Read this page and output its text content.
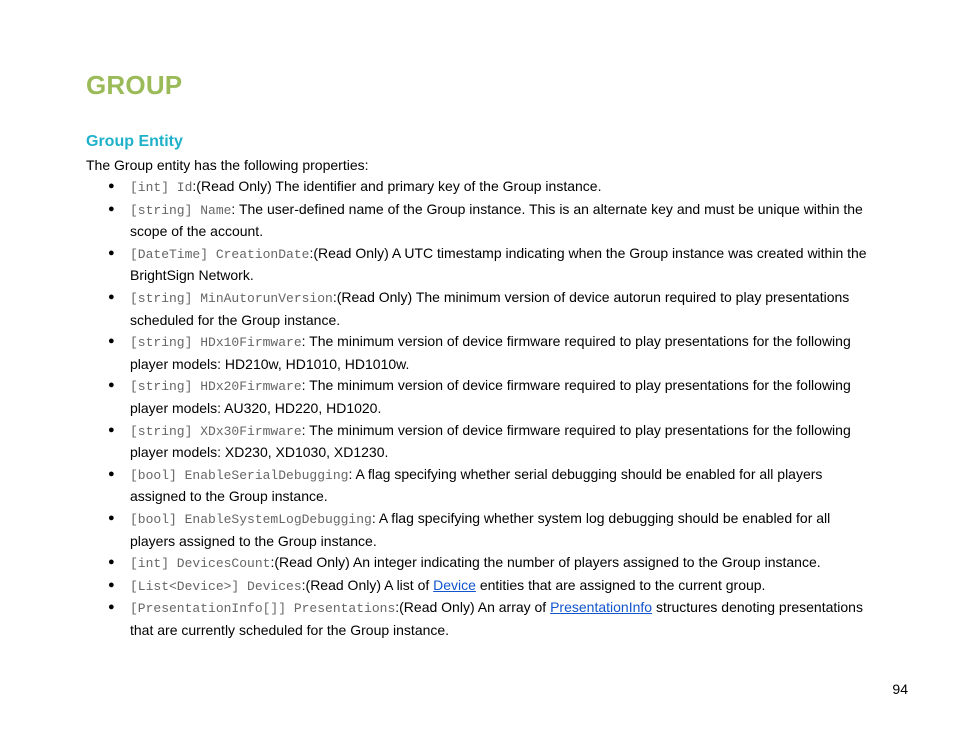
GROUP
Group Entity

The Group entity has the following properties:

● [int] Id:(Read Only) The identifier and primary key of the Group instance.
● [string] Name: The user-defined name of the Group instance. This is an alternate key and must be unique within the scope of the account.
● [DateTime] CreationDate:(Read Only) A UTC timestamp indicating when the Group instance was created within the BrightSign Network.
● [string] MinAutorunVersion:(Read Only) The minimum version of device autorun required to play presentations scheduled for the Group instance.
● [string] HDx10Firmware: The minimum version of device firmware required to play presentations for the following player models: HD210w, HD1010, HD1010w.
● [string] HDx20Firmware: The minimum version of device firmware required to play presentations for the following player models: AU320, HD220, HD1020.
● [string] XDx30Firmware: The minimum version of device firmware required to play presentations for the following player models: XD230, XD1030, XD1230.
● [bool] EnableSerialDebugging: A flag specifying whether serial debugging should be enabled for all players assigned to the Group instance.
● [bool] EnableSystemLogDebugging: A flag specifying whether system log debugging should be enabled for all players assigned to the Group instance.
● [int] DevicesCount:(Read Only) An integer indicating the number of players assigned to the Group instance.
● [List<Device>] Devices:(Read Only) A list of Device entities that are assigned to the current group.
● [PresentationInfo[]] Presentations:(Read Only) An array of PresentationInfo structures denoting presentations that are currently scheduled for the Group instance.
94
